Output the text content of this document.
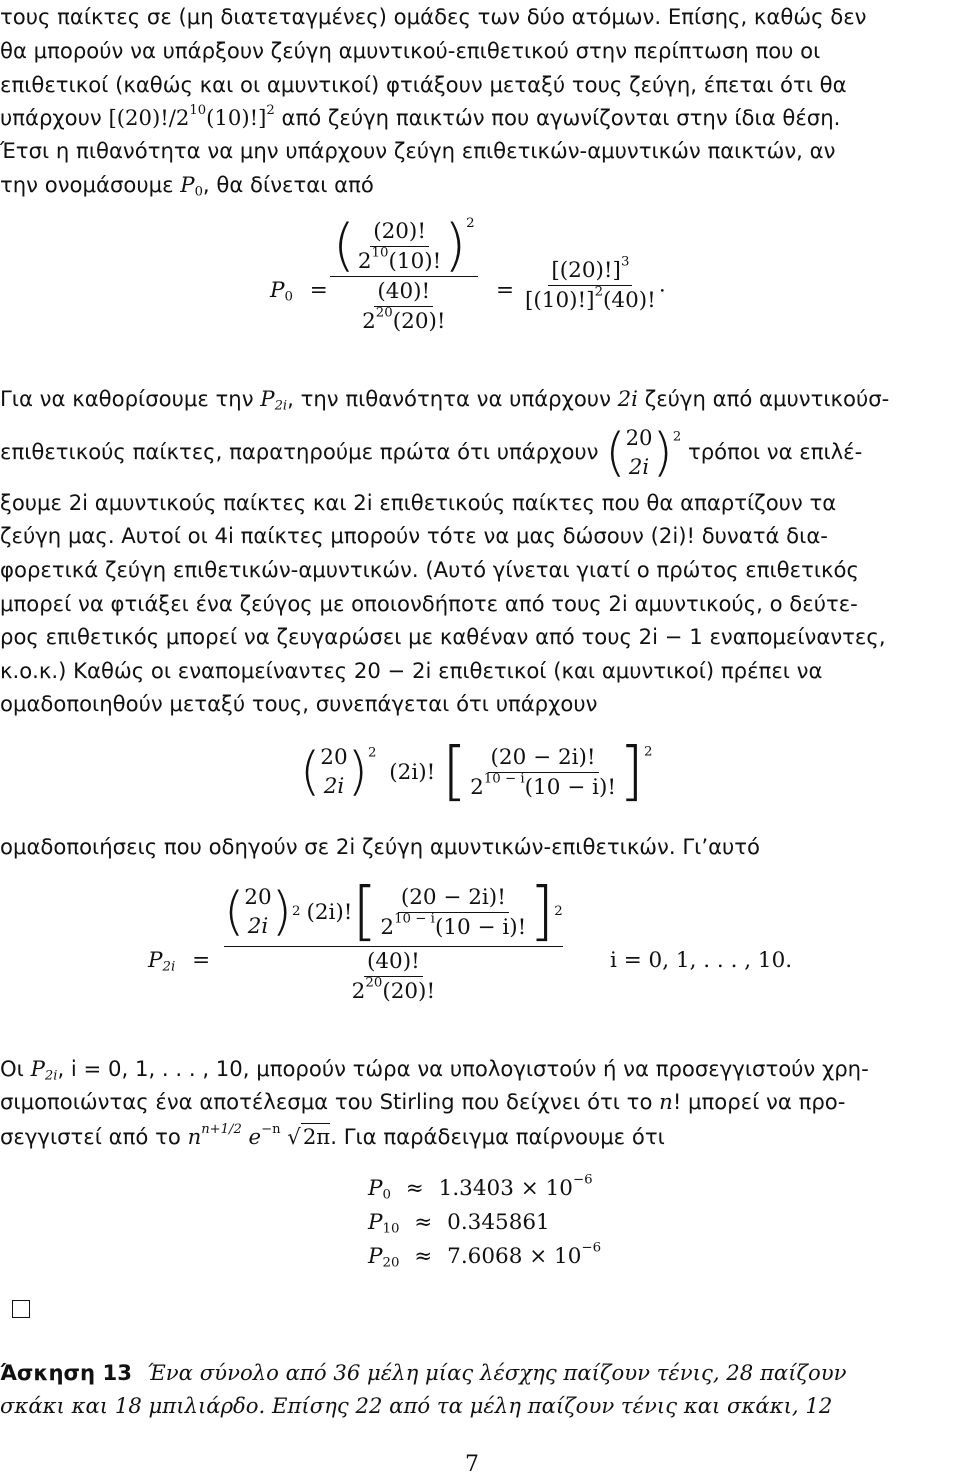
τους παίκτες σε (μη διατεταγμένες) ομάδες των δύο ατόμων. Επίσης, καθώς δεν
θα μπορούν να υπάρξουν ζεύγη αμυντικού-επιθετικού στην περίπτωση που οι
επιθετικοί (καθώς και οι αμυντικοί) φτιάξουν μεταξύ τους ζεύγη, έπεται ότι θα
υπάρχουν $[(20)!/2^{10}(10)!]^2$ από ζεύγη παικτών που αγωνίζονται στην ίδια θέση.
Έτσι η πιθανότητα να μην υπάρχουν ζεύγη επιθετικών-αμυντικών παικτών, αν
την ονομάσουμε $P_0$, θα δίνεται από
$P_0$ =
( $\frac{(20)!}{2^{10}(10)!}$ ) 2
$\frac{(40)!}{2^{20}(20)!} = \frac{[(20)!]^3}{[(10)!]^2(40)!}$ .
Για να καθορίσουμε την $P_{2i}$, την πιθανότητα να υπάρχουν 2i ζεύγη από αμυντικούσ-
επιθετικούς παίκτες, παρατηρούμε πρώτα ότι υπάρχουν ( 20
2i ) $^2$ τρόποι να επιλέ-
ξουμε 2i αμυντικούς παίκτες και 2i επιθετικούς παίκτες που θα απαρτίζουν τα
ζεύγη μας. Αυτοί οι 4i παίκτες μπορούν τότε να μας δώσουν (2i)! δυνατά δια-
φορετικά ζεύγη επιθετικών-αμυντικών. (Αυτό γίνεται γιατί ο πρώτος επιθετικός
μπορεί να φτιάξει ένα ζεύγος με οποιονδήποτε από τους 2i αμυντικούς, ο δεύτε-
ρος επιθετικός μπορεί να ζευγαρώσει με καθέναν από τους 2i − 1 εναπομείναντες,
κ.ο.κ.) Καθώς οι εναπομείναντες 20 − 2i επιθετικοί (και αμυντικοί) πρέπει να
ομαδοποιηθούν μεταξύ τους, συνεπάγεται ότι υπάρχουν
( 20
2i ) $^2$ (2i)! [ $\frac{(20 - 2i)!}{2^{10 - i}(10 - i)!} ]^2$
ομαδοποιήσεις που οδηγούν σε 2i ζεύγη αμυντικών-επιθετικών. Γι’αυτό
$P_{2i}$ =
( 20
2i ) 2 (2i)! [ $\frac{(20 - 2i)!}{2^{10 - i}(10 - i)!}$ ] 2
$\frac{(40)!}{2^{20}(20)!}$	i = 0, 1, . . . , 10.
Οι $P_{2i}$, i = 0, 1, . . . , 10, μπορούν τώρα να υπολογιστούν ή να προσεγγιστούν χρη-
σιμοποιώντας ένα αποτέλεσμα του Stirling που δείχνει ότι το n! μπορεί να προ-
σεγγιστεί από το $n^{n+1/2}$ $e^{-n}$ √2π. Για παράδειγμα παίρνουμε ότι
$P_0 \approx 1.3403 \times 10^{-6}$
$P_{10} \approx 0.345861$
$P_{20} \approx 7.6068 \times 10^{-6}$
Άσκηση 13 Ένα σύνολο από 36 μέλη μίας λέσχης παίζουν τένις, 28 παίζουν
σκάκι και 18 μπιλιάρδο. Επίσης 22 από τα μέλη παίζουν τένις και σκάκι, 12
7
